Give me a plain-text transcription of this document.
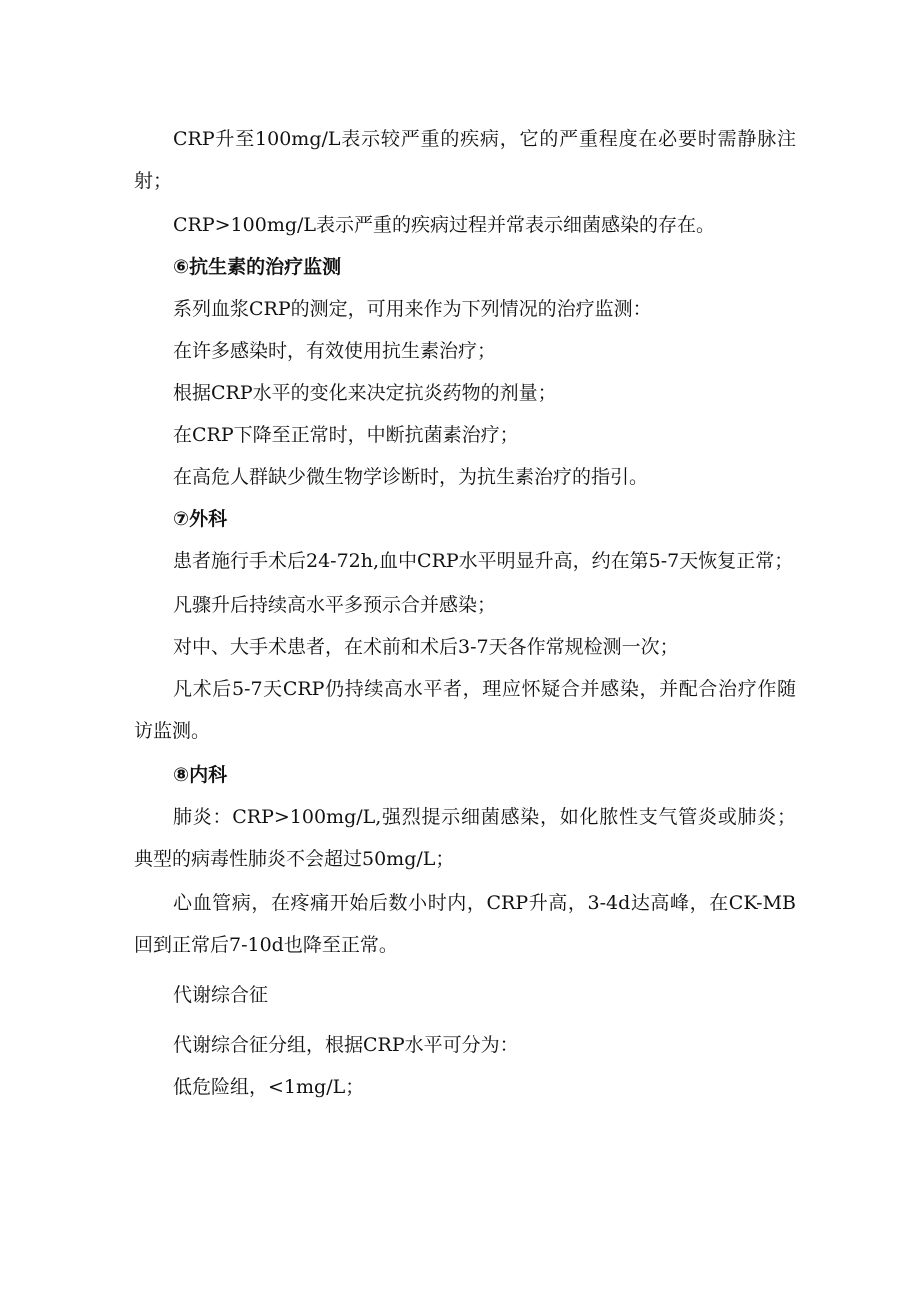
CRP升至100mg/L表示较严重的疾病，它的严重程度在必要时需静脉注射；

CRP>100mg/L表示严重的疾病过程并常表示细菌感染的存在。

⑥抗生素的治疗监测

系列血浆CRP的测定，可用来作为下列情况的治疗监测：

在许多感染时，有效使用抗生素治疗；

根据CRP水平的变化来决定抗炎药物的剂量；

在CRP下降至正常时，中断抗菌素治疗；

在高危人群缺少微生物学诊断时，为抗生素治疗的指引。

⑦外科

患者施行手术后24-72h,血中CRP水平明显升高，约在第5-7天恢复正常；

凡骤升后持续高水平多预示合并感染；

对中、大手术患者，在术前和术后3-7天各作常规检测一次；

凡术后5-7天CRP仍持续高水平者，理应怀疑合并感染，并配合治疗作随访监测。

⑧内科

肺炎：CRP>100mg/L,强烈提示细菌感染，如化脓性支气管炎或肺炎；典型的病毒性肺炎不会超过50mg/L；

心血管病，在疼痛开始后数小时内，CRP升高，3-4d达高峰，在CK-MB回到正常后7-10d也降至正常。

代谢综合征

代谢综合征分组，根据CRP水平可分为：

低危险组，<1mg/L；
